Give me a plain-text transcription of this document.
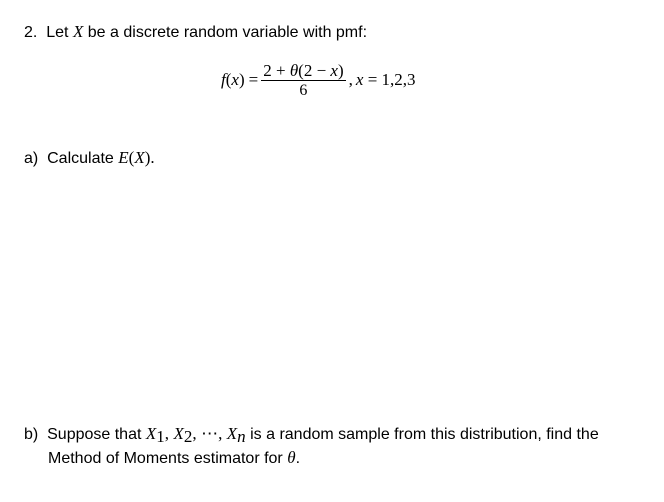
2. Let X be a discrete random variable with pmf:
f ( x ) = $\frac{2 + \theta(2 - x)}{6}$ , x = 1,2,3
a) Calculate E(X).
b) Suppose that $X_1$, $X_2$, ⋯, $X_n$ is a random sample from this distribution, find the
Method of Moments estimator for θ.
